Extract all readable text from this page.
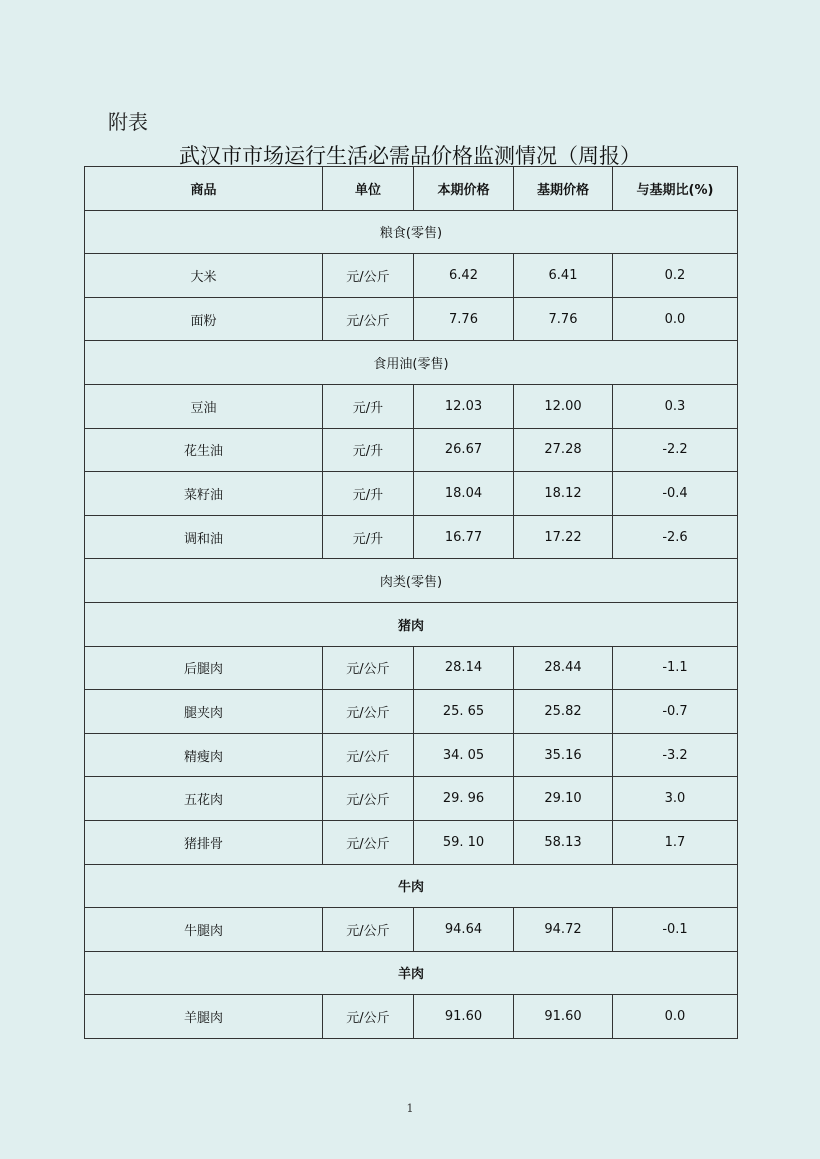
附表
武汉市市场运行生活必需品价格监测情况（周报）
商品	单位	本期价格	基期价格	与基期比(%)
粮食(零售)				
大米	元/公斤	6.42	6.41	0.2
面粉	元/公斤	7.76	7.76	0.0
食用油(零售)				
豆油	元/升	12.03	12.00	0.3
花生油	元/升	26.67	27.28	-2.2
菜籽油	元/升	18.04	18.12	-0.4
调和油	元/升	16.77	17.22	-2.6
肉类(零售)				
猪肉				
后腿肉	元/公斤	28.14	28.44	-1.1
腿夹肉	元/公斤	25. 65	25.82	-0.7
精瘦肉	元/公斤	34. 05	35.16	-3.2
五花肉	元/公斤	29. 96	29.10	3.0
猪排骨	元/公斤	59. 10	58.13	1.7
牛肉				
牛腿肉	元/公斤	94.64	94.72	-0.1
羊肉				
羊腿肉	元/公斤	91.60	91.60	0.0
1
